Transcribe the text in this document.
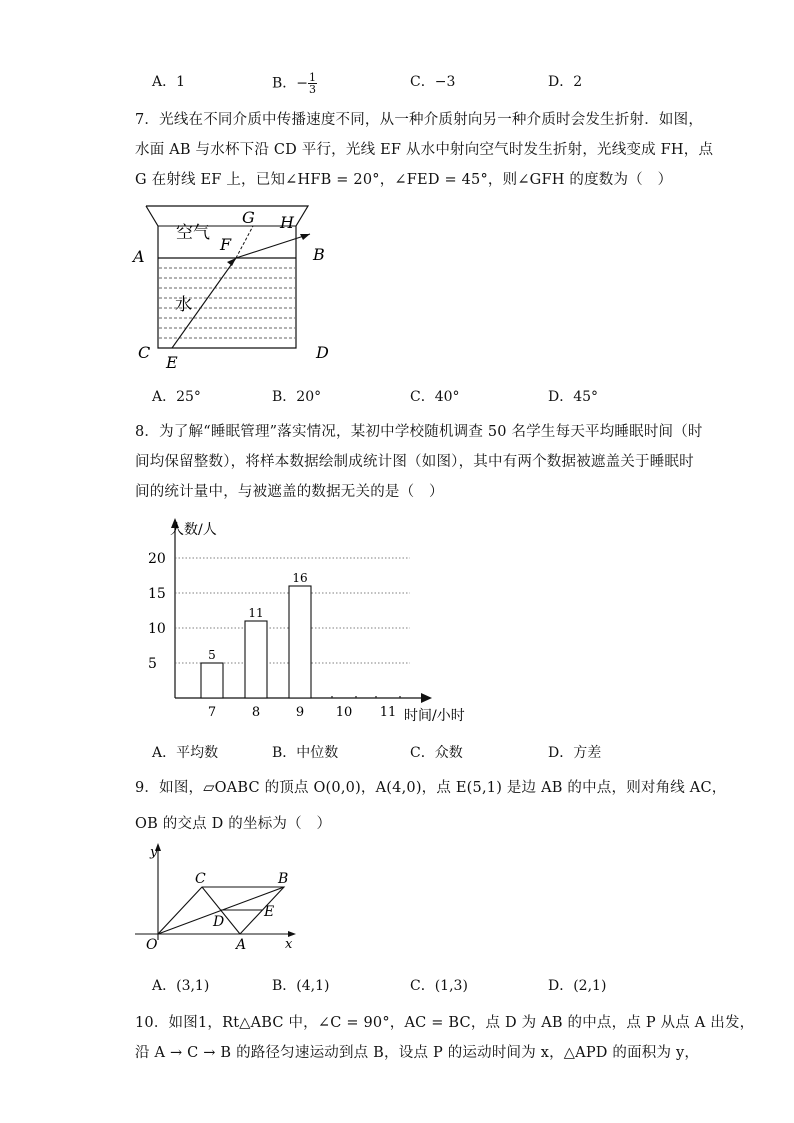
A．1	B．− $\frac{1}{3}$	C．−3	D．2
7．光线在不同介质中传播速度不同，从一种介质射向另一种介质时会发生折射．如图，
水面 AB 与水杯下沿 CD 平行，光线 EF 从水中射向空气时发生折射，光线变成 FH，点
G 在射线 EF 上，已知∠HFB = 20°，∠FED = 45°，则∠GFH 的度数为（　）
空气
水
A	B
C	D
E
F
G H
A．25°	B．20°	C．40°	D．45°
8．为了解“睡眠管理”落实情况，某初中学校随机调查 50 名学生每天平均睡眠时间（时
间均保留整数），将样本数据绘制成统计图（如图），其中有两个数据被遮盖关于睡眠时
间的统计量中，与被遮盖的数据无关的是（　）
人数/人
时间/小时
5
10
15
20
5
7
11
8
16
9 10 11
A．平均数	B．中位数	C．众数	D．方差
9．如图，▱OABC 的顶点 O(0,0)，A(4,0)，点 E(5,1) 是边 AB 的中点，则对角线 AC，
OB 的交点 D 的坐标为（　）
y
x
O	A
B
C
D
E
A．(3,1)	B．(4,1)	C．(1,3)	D．(2,1)
10．如图1，Rt△ABC 中，∠C = 90°，AC = BC，点 D 为 AB 的中点，点 P 从点 A 出发，
沿 A → C → B 的路径匀速运动到点 B，设点 P 的运动时间为 x，△APD 的面积为 y，
